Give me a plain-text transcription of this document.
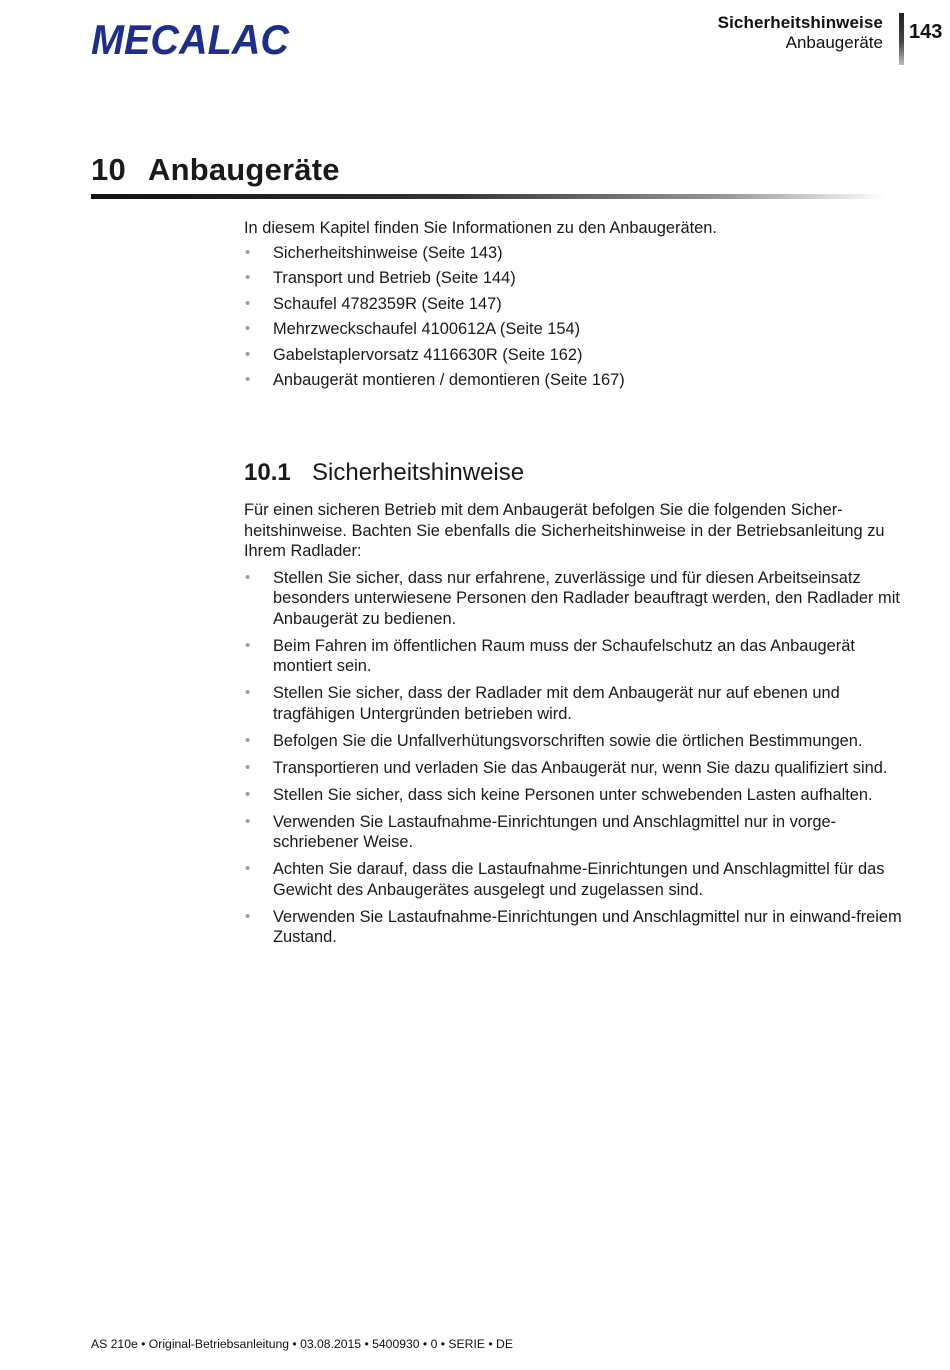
MECALAC	Sicherheitshinweise
Anbaugeräte 143
10 Anbaugeräte

In diesem Kapitel finden Sie Informationen zu den Anbaugeräten.

• Sicherheitshinweise (Seite 143)
• Transport und Betrieb (Seite 144)
• Schaufel 4782359R (Seite 147)
• Mehrzweckschaufel 4100612A (Seite 154)
• Gabelstaplervorsatz 4116630R (Seite 162)
• Anbaugerät montieren / demontieren (Seite 167)
10.1 Sicherheitshinweise

Für einen sicheren Betrieb mit dem Anbaugerät befolgen Sie die folgenden Sicher-heitshinweise. Bachten Sie ebenfalls die Sicherheitshinweise in der Betriebsanleitung zu Ihrem Radlader:

• Stellen Sie sicher, dass nur erfahrene, zuverlässige und für diesen Arbeitseinsatz besonders unterwiesene Personen den Radlader beauftragt werden, den Radlader mit Anbaugerät zu bedienen.
• Beim Fahren im öffentlichen Raum muss der Schaufelschutz an das Anbaugerät montiert sein.
• Stellen Sie sicher, dass der Radlader mit dem Anbaugerät nur auf ebenen und tragfähigen Untergründen betrieben wird.
• Befolgen Sie die Unfallverhütungsvorschriften sowie die örtlichen Bestimmungen.
• Transportieren und verladen Sie das Anbaugerät nur, wenn Sie dazu qualifiziert sind.
• Stellen Sie sicher, dass sich keine Personen unter schwebenden Lasten aufhalten.
• Verwenden Sie Lastaufnahme-Einrichtungen und Anschlagmittel nur in vorge-schriebener Weise.
• Achten Sie darauf, dass die Lastaufnahme-Einrichtungen und Anschlagmittel für das Gewicht des Anbaugerätes ausgelegt und zugelassen sind.
• Verwenden Sie Lastaufnahme-Einrichtungen und Anschlagmittel nur in einwand-freiem Zustand.
AS 210e • Original-Betriebsanleitung • 03.08.2015 • 5400930 • 0 • SERIE • DE
